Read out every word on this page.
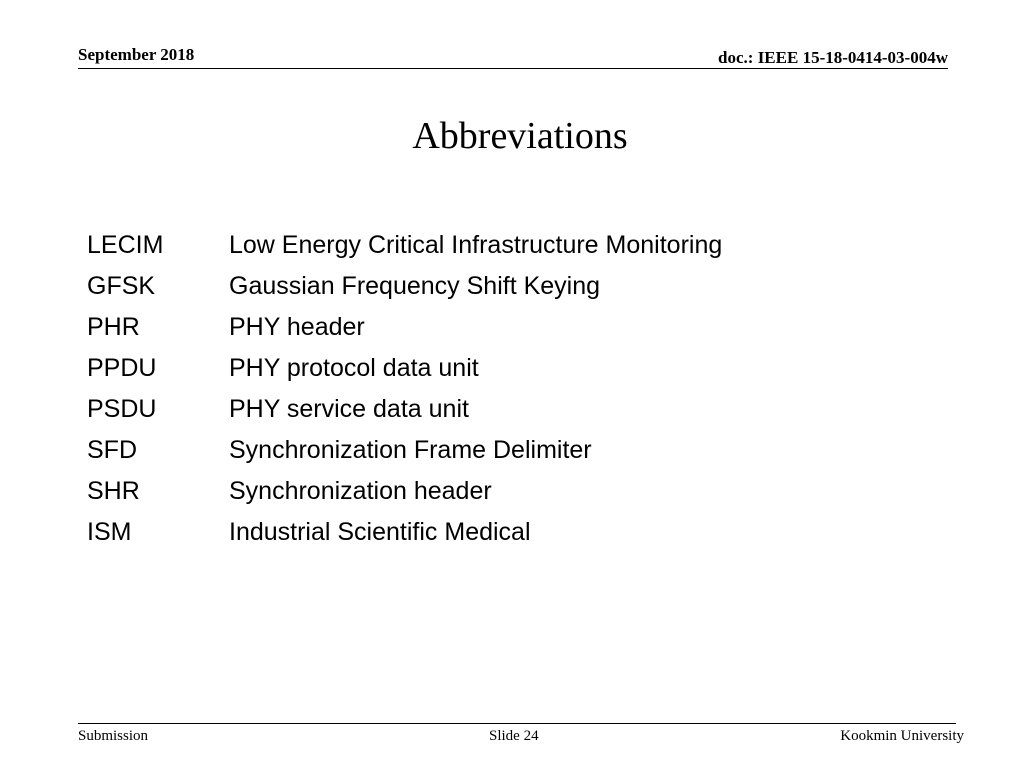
September 2018	doc.: IEEE 15-18-0414-03-004w
Abbreviations
LECIM	Low Energy Critical Infrastructure Monitoring
GFSK	Gaussian Frequency Shift Keying
PHR	PHY header
PPDU	PHY protocol data unit
PSDU	PHY service data unit
SFD	Synchronization Frame Delimiter
SHR	Synchronization header
ISM	Industrial Scientific Medical
Submission	Slide 24	Kookmin University
